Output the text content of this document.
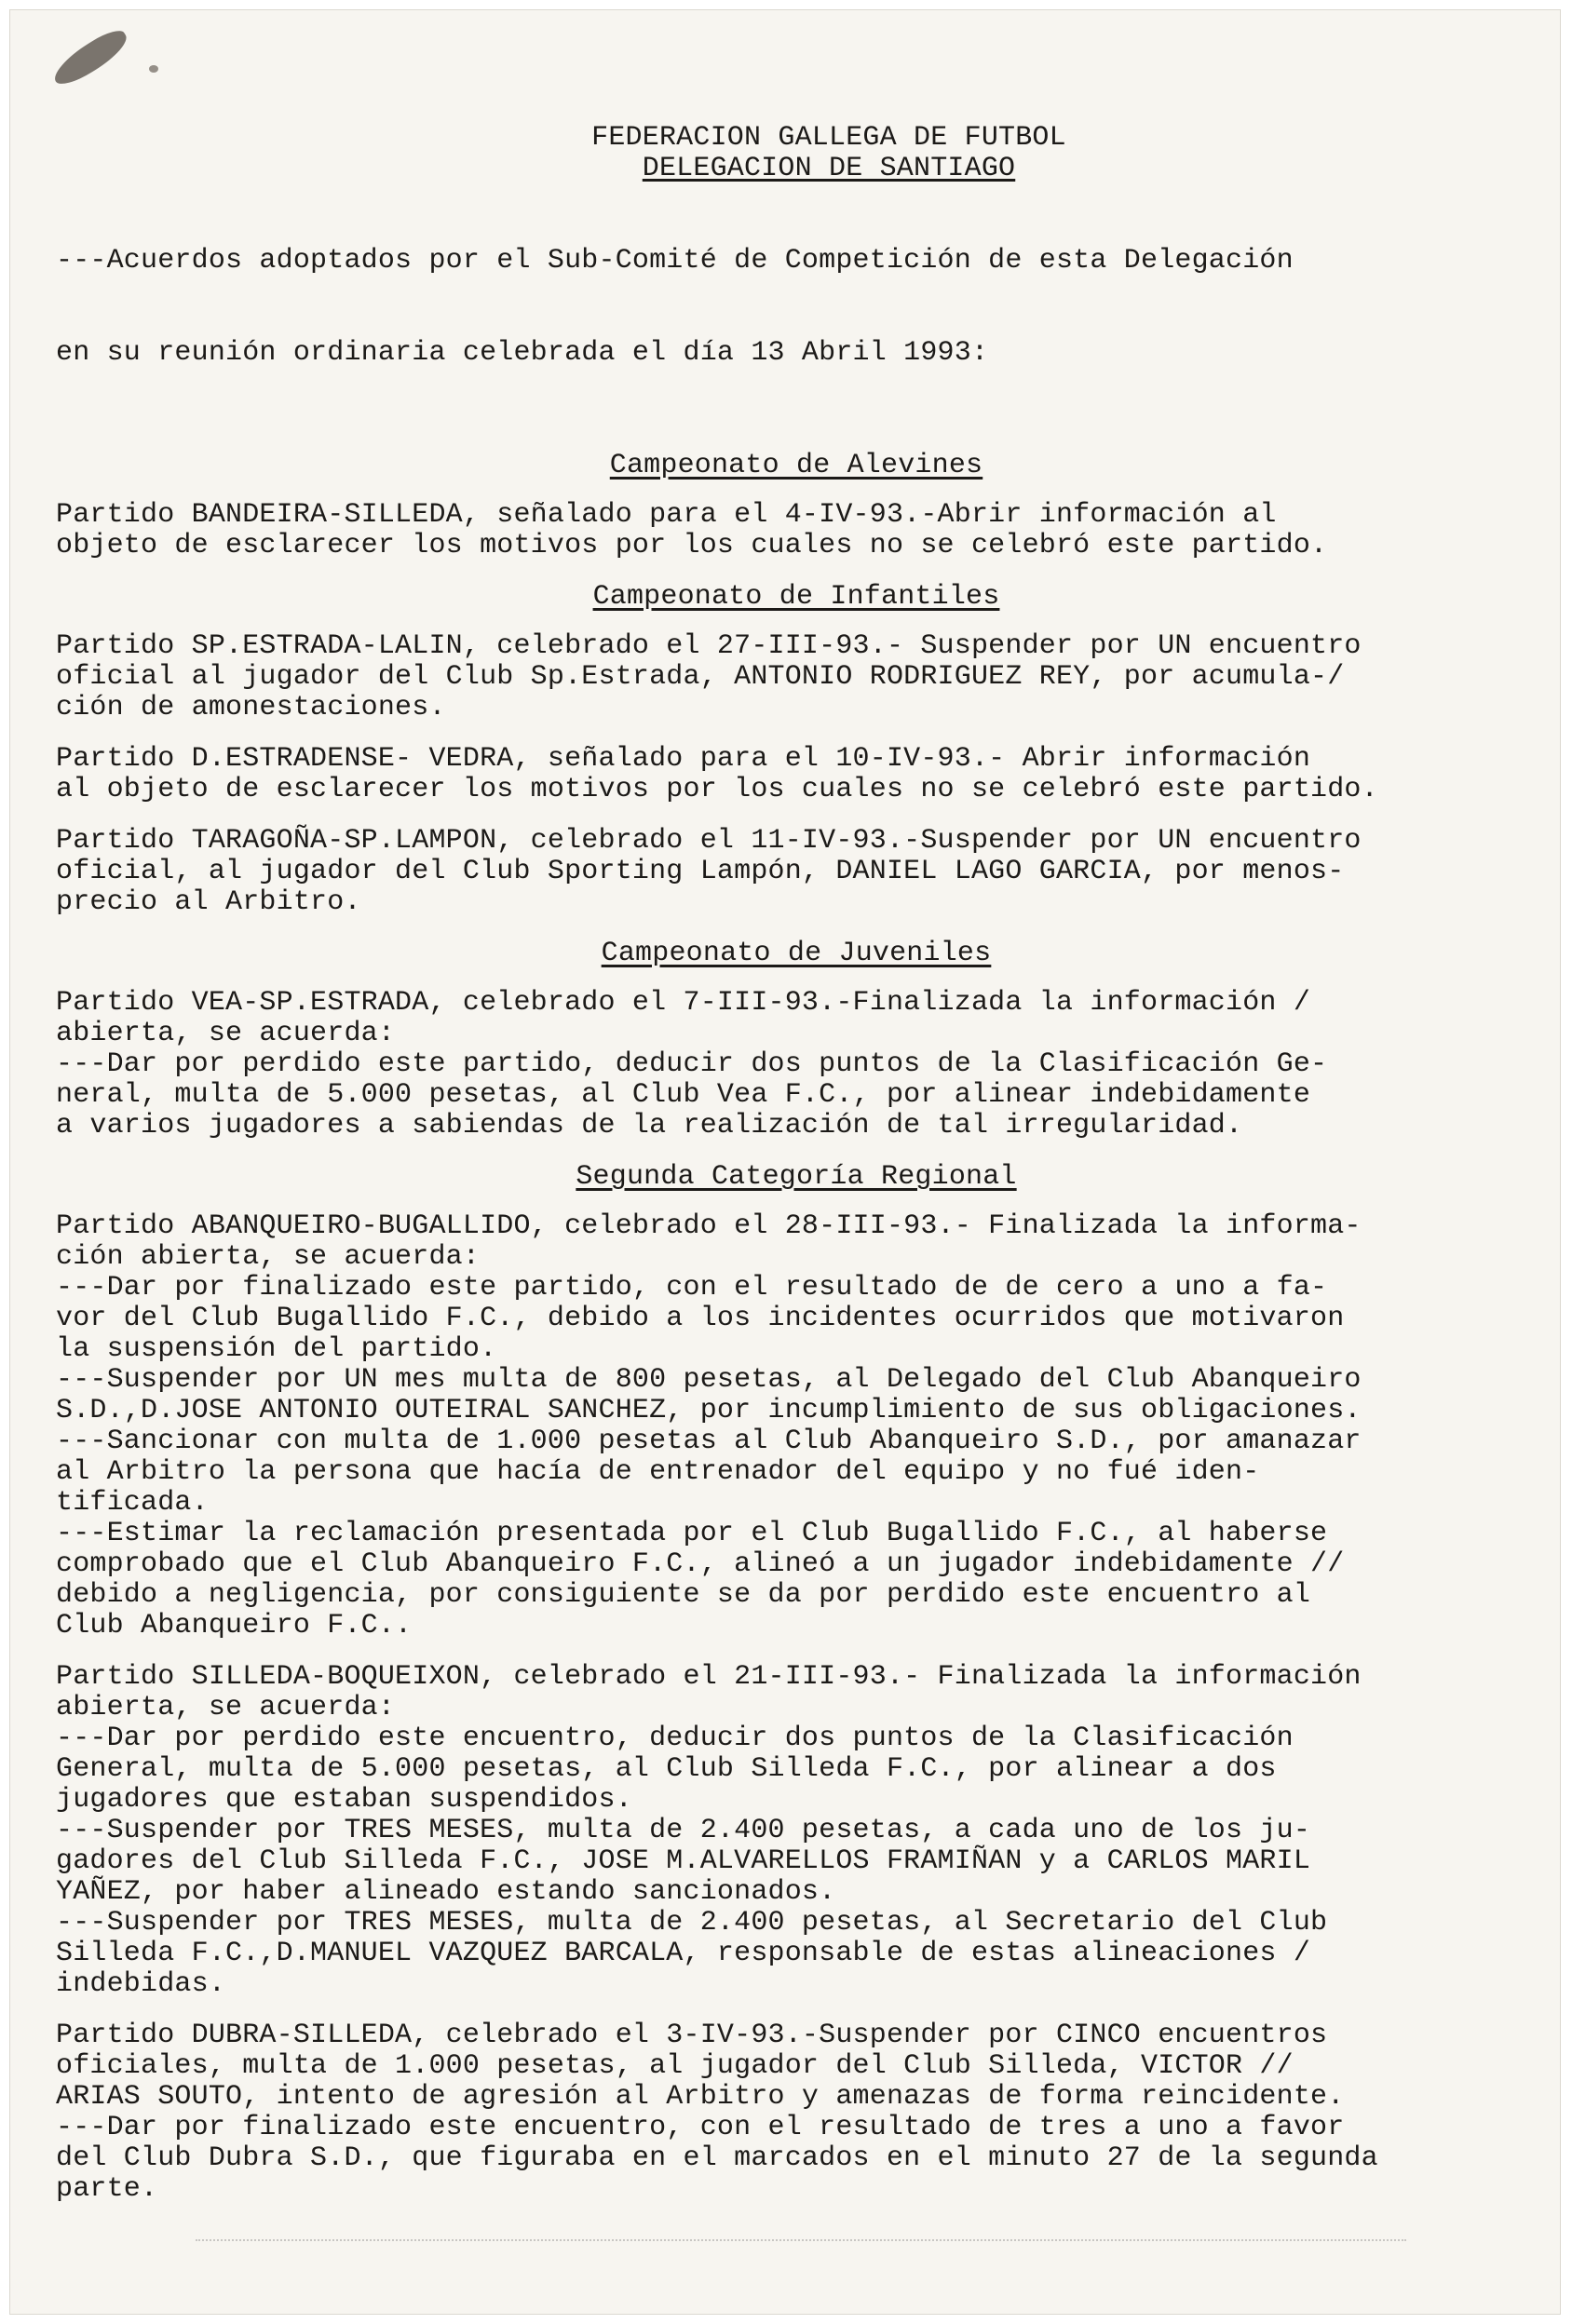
FEDERACION GALLEGA DE FUTBOL

DELEGACION DE SANTIAGO

---Acuerdos adoptados por el Sub-Comité de Competición de esta Delegación

en su reunión ordinaria celebrada el día 13 Abril 1993:

Campeonato de Alevines
Partido BANDEIRA-SILLEDA, señalado para el 4-IV-93.-Abrir información al
objeto de esclarecer los motivos por los cuales no se celebró este partido.
Campeonato de Infantiles
Partido SP.ESTRADA-LALIN, celebrado el 27-III-93.- Suspender por UN encuentro
oficial al jugador del Club Sp.Estrada, ANTONIO RODRIGUEZ REY, por acumula-/
ción de amonestaciones.
Partido D.ESTRADENSE- VEDRA, señalado para el 10-IV-93.- Abrir información
al objeto de esclarecer los motivos por los cuales no se celebró este partido.
Partido TARAGOÑA-SP.LAMPON, celebrado el 11-IV-93.-Suspender por UN encuentro
oficial, al jugador del Club Sporting Lampón, DANIEL LAGO GARCIA, por menos-
precio al Arbitro.
Campeonato de Juveniles
Partido VEA-SP.ESTRADA, celebrado el 7-III-93.-Finalizada la información /
abierta, se acuerda:
---Dar por perdido este partido, deducir dos puntos de la Clasificación Ge-
neral, multa de 5.000 pesetas, al Club Vea F.C., por alinear indebidamente
a varios jugadores a sabiendas de la realización de tal irregularidad.
Segunda Categoría Regional
Partido ABANQUEIRO-BUGALLIDO, celebrado el 28-III-93.- Finalizada la informa-
ción abierta, se acuerda:
---Dar por finalizado este partido, con el resultado de de cero a uno a fa-
vor del Club Bugallido F.C., debido a los incidentes ocurridos que motivaron
la suspensión del partido.
---Suspender por UN mes multa de 800 pesetas, al Delegado del Club Abanqueiro
S.D.,D.JOSE ANTONIO OUTEIRAL SANCHEZ, por incumplimiento de sus obligaciones.
---Sancionar con multa de 1.000 pesetas al Club Abanqueiro S.D., por amanazar
al Arbitro la persona que hacía de entrenador del equipo y no fué iden-
tificada.
---Estimar la reclamación presentada por el Club Bugallido F.C., al haberse
comprobado que el Club Abanqueiro F.C., alineó a un jugador indebidamente //
debido a negligencia, por consiguiente se da por perdido este encuentro al
Club Abanqueiro F.C..
Partido SILLEDA-BOQUEIXON, celebrado el 21-III-93.- Finalizada la información
abierta, se acuerda:
---Dar por perdido este encuentro, deducir dos puntos de la Clasificación
General, multa de 5.000 pesetas, al Club Silleda F.C., por alinear a dos
jugadores que estaban suspendidos.
---Suspender por TRES MESES, multa de 2.400 pesetas, a cada uno de los ju-
gadores del Club Silleda F.C., JOSE M.ALVARELLOS FRAMIÑAN y a CARLOS MARIL
YAÑEZ, por haber alineado estando sancionados.
---Suspender por TRES MESES, multa de 2.400 pesetas, al Secretario del Club
Silleda F.C.,D.MANUEL VAZQUEZ BARCALA, responsable de estas alineaciones /
indebidas.
Partido DUBRA-SILLEDA, celebrado el 3-IV-93.-Suspender por CINCO encuentros
oficiales, multa de 1.000 pesetas, al jugador del Club Silleda, VICTOR //
ARIAS SOUTO, intento de agresión al Arbitro y amenazas de forma reincidente.
---Dar por finalizado este encuentro, con el resultado de tres a uno a favor
del Club Dubra S.D., que figuraba en el marcados en el minuto 27 de la segunda
parte.
